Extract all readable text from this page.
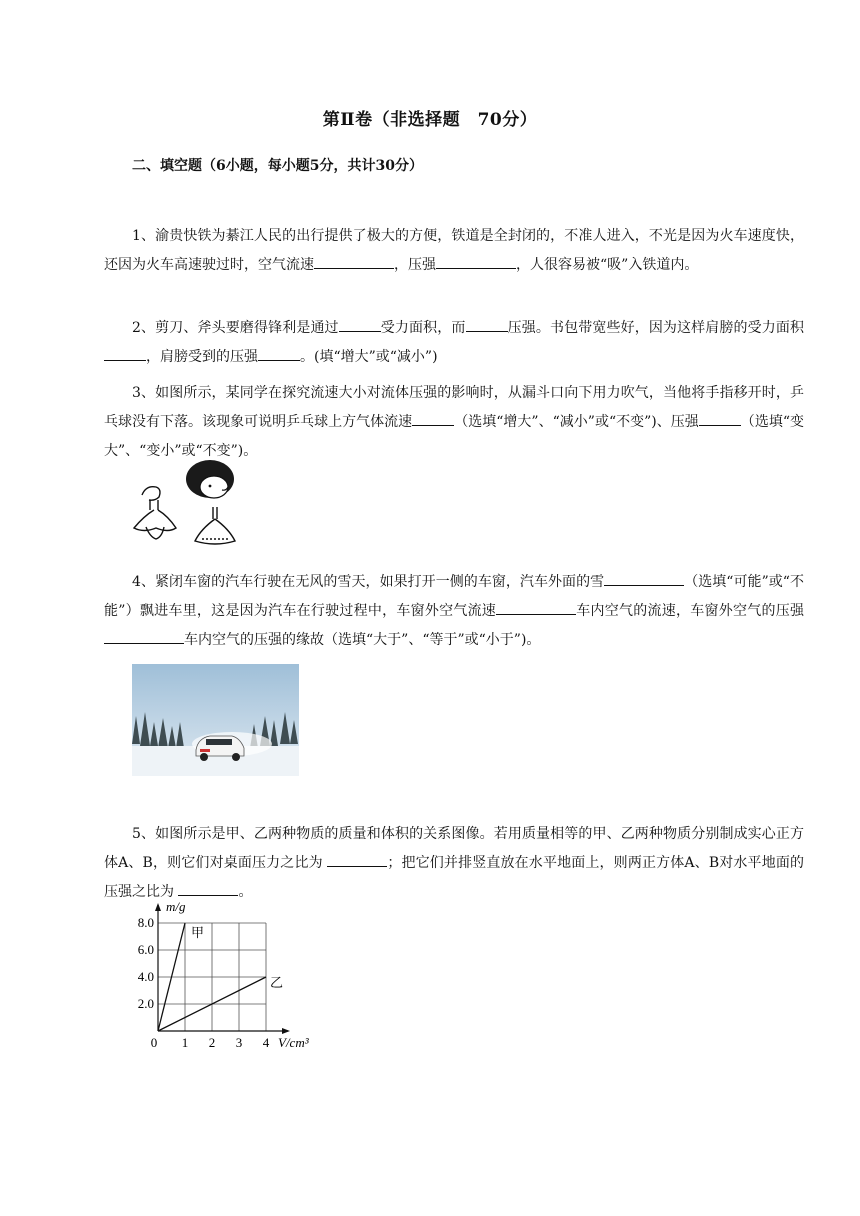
第Ⅱ卷（非选择题　70分）
二、填空题（6小题，每小题5分，共计30分）

1、渝贵快铁为綦江人民的出行提供了极大的方便，铁道是全封闭的，不准人进入，不光是因为火车速度快，还因为火车高速驶过时，空气流速	，压强	，人很容易被“吸”入铁道内。

2、剪刀、斧头要磨得锋利是通过	受力面积，而	压强。书包带宽些好，因为这样肩膀的受力面积，肩膀受到的压强	。(填“增大”或“减小”)

3、如图所示，某同学在探究流速大小对流体压强的影响时，从漏斗口向下用力吹气，当他将手指移开时，乒乓球没有下落。该现象可说明乒乓球上方气体流速	（选填“增大”、“减小”或“不变”)、压强	（选填“变大”、“变小”或“不变”)。

4、紧闭车窗的汽车行驶在无风的雪天，如果打开一侧的车窗，汽车外面的雪	（选填“可能”或“不能”）飘进车里，这是因为汽车在行驶过程中，车窗外空气流速	车内空气的流速，车窗外空气的压强车内空气的压强的缘故（选填“大于”、“等于”或“小于”)。

5、如图所示是甲、乙两种物质的质量和体积的关系图像。若用质量相等的甲、乙两种物质分别制成实心正方体A、B，则它们对桌面压力之比为	；把它们并排竖直放在水平地面上，则两正方体A、B对水平地面的压强之比为	。

0 1 2 3 4
2.0
4.0
6.0
8.0
m/g
V/cm³
甲
乙
